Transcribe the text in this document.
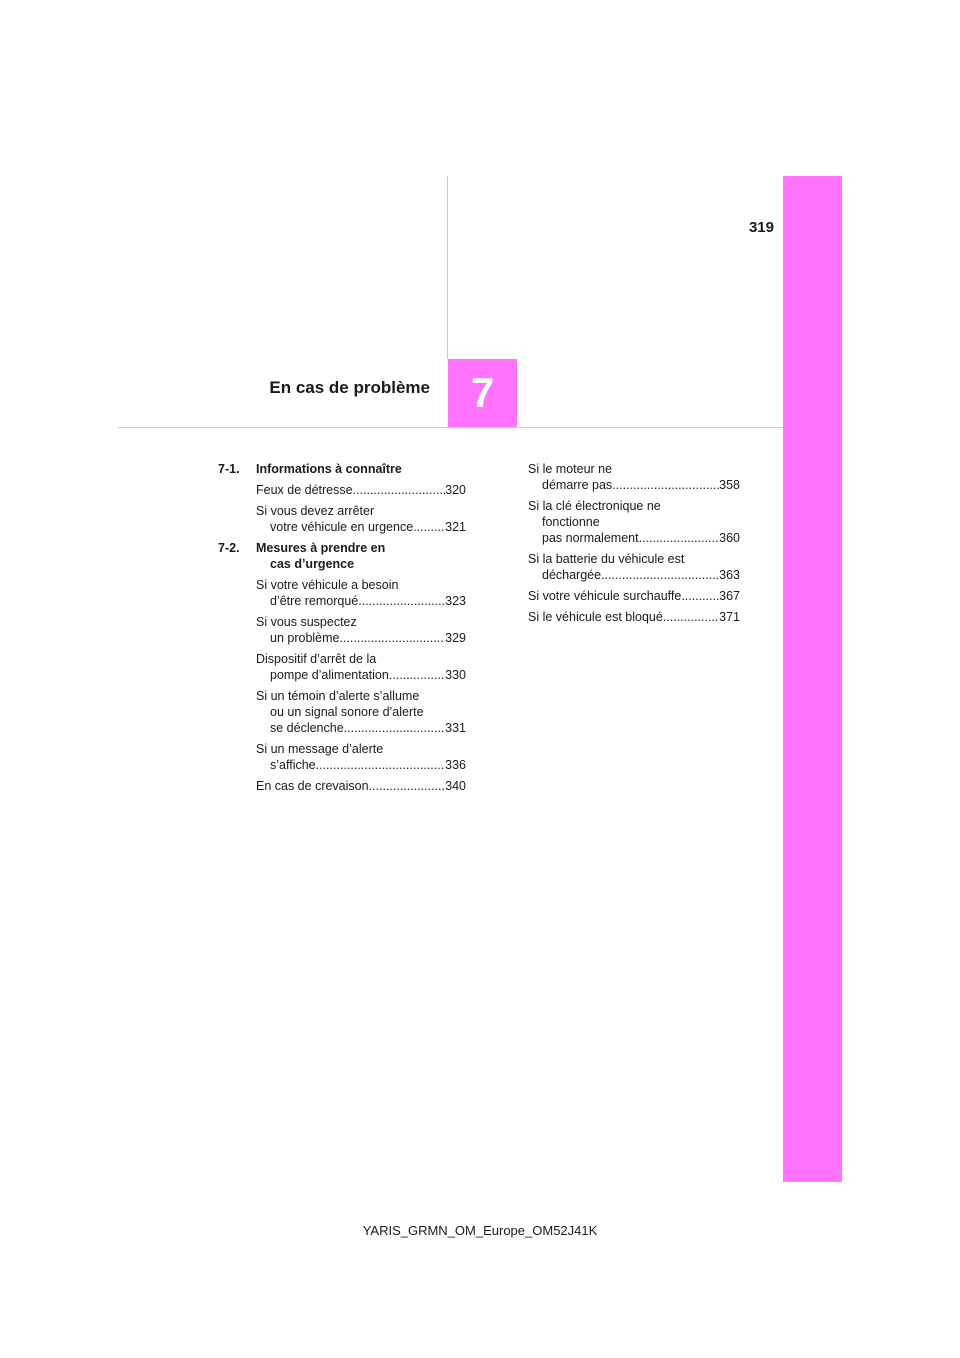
319
En cas de problème 7
7-1.	Informations à connaître
Feux de détresse .....	320
Si vous devez arrêter
votre véhicule en urgence .....	321
7-2.	Mesures à prendre en
cas d’urgence
Si votre véhicule a besoin
d’être remorqué .....	323
Si vous suspectez
un problème .....	329
Dispositif d’arrêt de la
pompe d’alimentation .....	330
Si un témoin d’alerte s’allume
ou un signal sonore d’alerte
se déclenche .....	331
Si un message d’alerte
s’affiche .....	336
En cas de crevaison .....	340
Si le moteur ne
démarre pas .....	358
Si la clé électronique ne
fonctionne
pas normalement .....	360
Si la batterie du véhicule est
déchargée .....	363
Si votre véhicule surchauffe .....	367
Si le véhicule est bloqué .....	371
YARIS_GRMN_OM_Europe_OM52J41K
